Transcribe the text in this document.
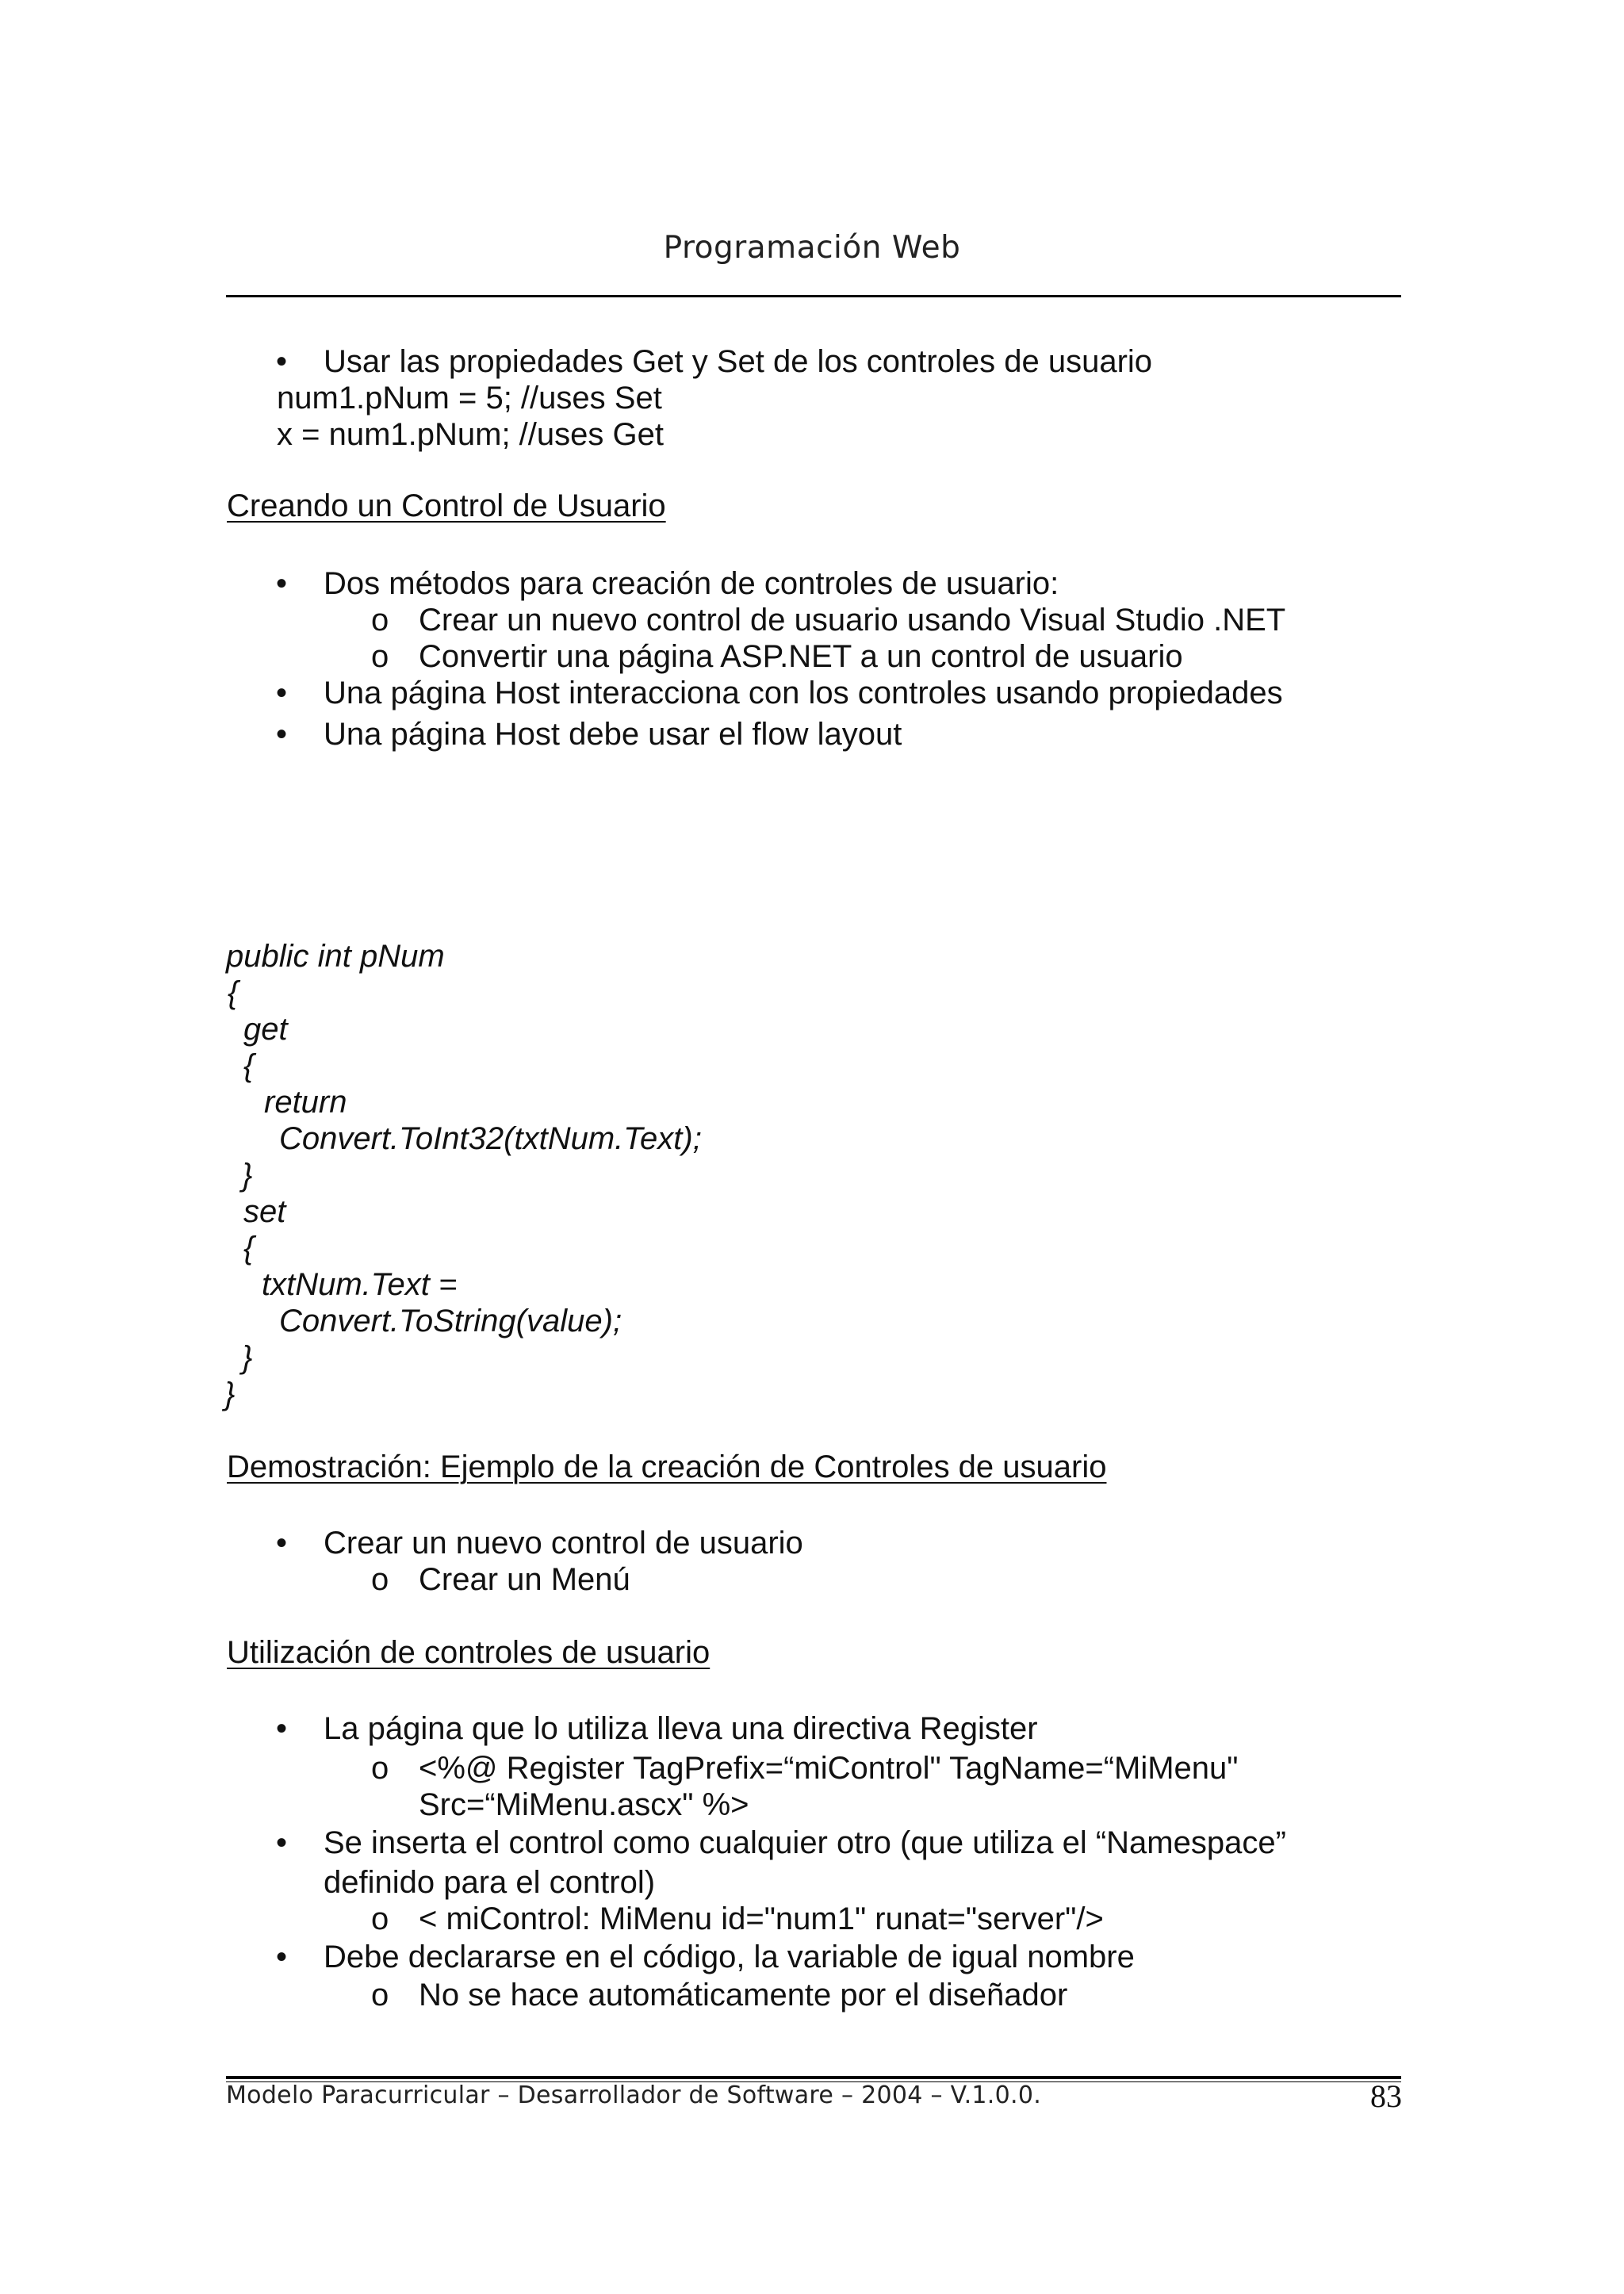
Programación Web
• Usar las propiedades Get y Set de los controles de usuario
num1.pNum = 5; //uses Set
x = num1.pNum; //uses Get
Creando un Control de Usuario
• Dos métodos para creación de controles de usuario:
o Crear un nuevo control de usuario usando Visual Studio .NET
o Convertir una página ASP.NET a un control de usuario
• Una página Host interacciona con los controles usando propiedades
• Una página Host debe usar el flow layout
public int pNum
{
get
{
return
Convert.ToInt32(txtNum.Text);
}
set
{
txtNum.Text =
Convert.ToString(value);
}
}
Demostración: Ejemplo de la creación de Controles de usuario
• Crear un nuevo control de usuario
o Crear un Menú
Utilización de controles de usuario
• La página que lo utiliza lleva una directiva Register
o <%@ Register TagPrefix=“miControl" TagName=“MiMenu"
Src=“MiMenu.ascx" %>
• Se inserta el control como cualquier otro (que utiliza el “Namespace”
definido para el control)
o < miControl: MiMenu id="num1" runat="server"/>
• Debe declararse en el código, la variable de igual nombre
o No se hace automáticamente por el diseñador
Modelo Paracurricular – Desarrollador de Software – 2004 – V.1.0.0.	83
